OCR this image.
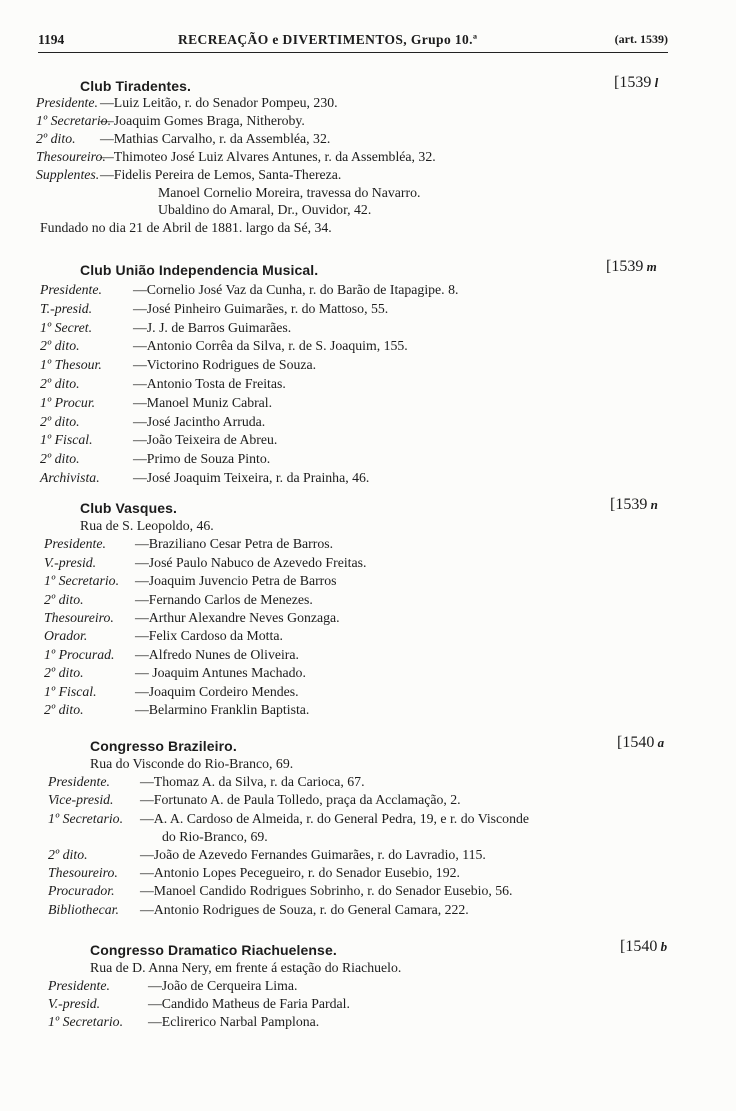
1194	RECREAÇÃO e DIVERTIMENTOS, Grupo 10.ª	(art. 1539)
Club Tiradentes.	[1539 l
Presidente. —Luiz Leitão, r. do Senador Pompeu, 230.
1º Secretario.
—Joaquim Gomes Braga, Nitheroby.
2º dito. —Mathias Carvalho, r. da Assembléa, 32.
Thesoureiro.
—Thimoteo José Luiz Alvares Antunes, r. da Assembléa, 32.
Supplentes. —Fidelis Pereira de Lemos, Santa-Thereza.
Manoel Cornelio Moreira, travessa do Navarro.
Ubaldino do Amaral, Dr., Ouvidor, 42.
Fundado no dia 21 de Abril de 1881. largo da Sé, 34.
Club União Independencia Musical.	[1539 m
Presidente. —Cornelio José Vaz da Cunha, r. do Barão de Itapagipe. 8.
T.-presid.	—José Pinheiro Guimarães, r. do Mattoso, 55.
1º Secret.	—J. J. de Barros Guimarães.
2º dito.	—Antonio Corrêa da Silva, r. de S. Joaquim, 155.
1º Thesour. —Victorino Rodrigues de Souza.
2º dito.	—Antonio Tosta de Freitas.
1º Procur.	—Manoel Muniz Cabral.
2º dito.	—José Jacintho Arruda.
1º Fiscal.	—João Teixeira de Abreu.
2º dito.	—Primo de Souza Pinto.
Archivista. —José Joaquim Teixeira, r. da Prainha, 46.
Club Vasques.	[1539 n
Rua de S. Leopoldo, 46.
Presidente. —Braziliano Cesar Petra de Barros.
V.-presid.	—José Paulo Nabuco de Azevedo Freitas.
1º Secretario. —Joaquim Juvencio Petra de Barros
2º dito.	—Fernando Carlos de Menezes.
Thesoureiro. —Arthur Alexandre Neves Gonzaga.
Orador.	—Felix Cardoso da Motta.
1º Procurad. —Alfredo Nunes de Oliveira.
2º dito.	— Joaquim Antunes Machado.
1º Fiscal.	—Joaquim Cordeiro Mendes.
2º dito.	—Belarmino Franklin Baptista.
Congresso Brazileiro.	[1540 a
Rua do Visconde do Rio-Branco, 69.
Presidente. —Thomaz A. da Silva, r. da Carioca, 67.
Vice-presid. —Fortunato A. de Paula Tolledo, praça da Acclamação, 2.
1º Secretario. —A. A. Cardoso de Almeida, r. do General Pedra, 19, e r. do Visconde
do Rio-Branco, 69.
2º dito.	—João de Azevedo Fernandes Guimarães, r. do Lavradio, 115.
Thesoureiro. —Antonio Lopes Pecegueiro, r. do Senador Eusebio, 192.
Procurador. —Manoel Candido Rodrigues Sobrinho, r. do Senador Eusebio, 56.
Bibliothecar. —Antonio Rodrigues de Souza, r. do General Camara, 222.
Congresso Dramatico Riachuelense.	[1540 b
Rua de D. Anna Nery, em frente á estação do Riachuelo.
Presidente.	—João de Cerqueira Lima.
V.-presid.	—Candido Matheus de Faria Pardal.
1º Secretario. —Eclirerico Narbal Pamplona.
